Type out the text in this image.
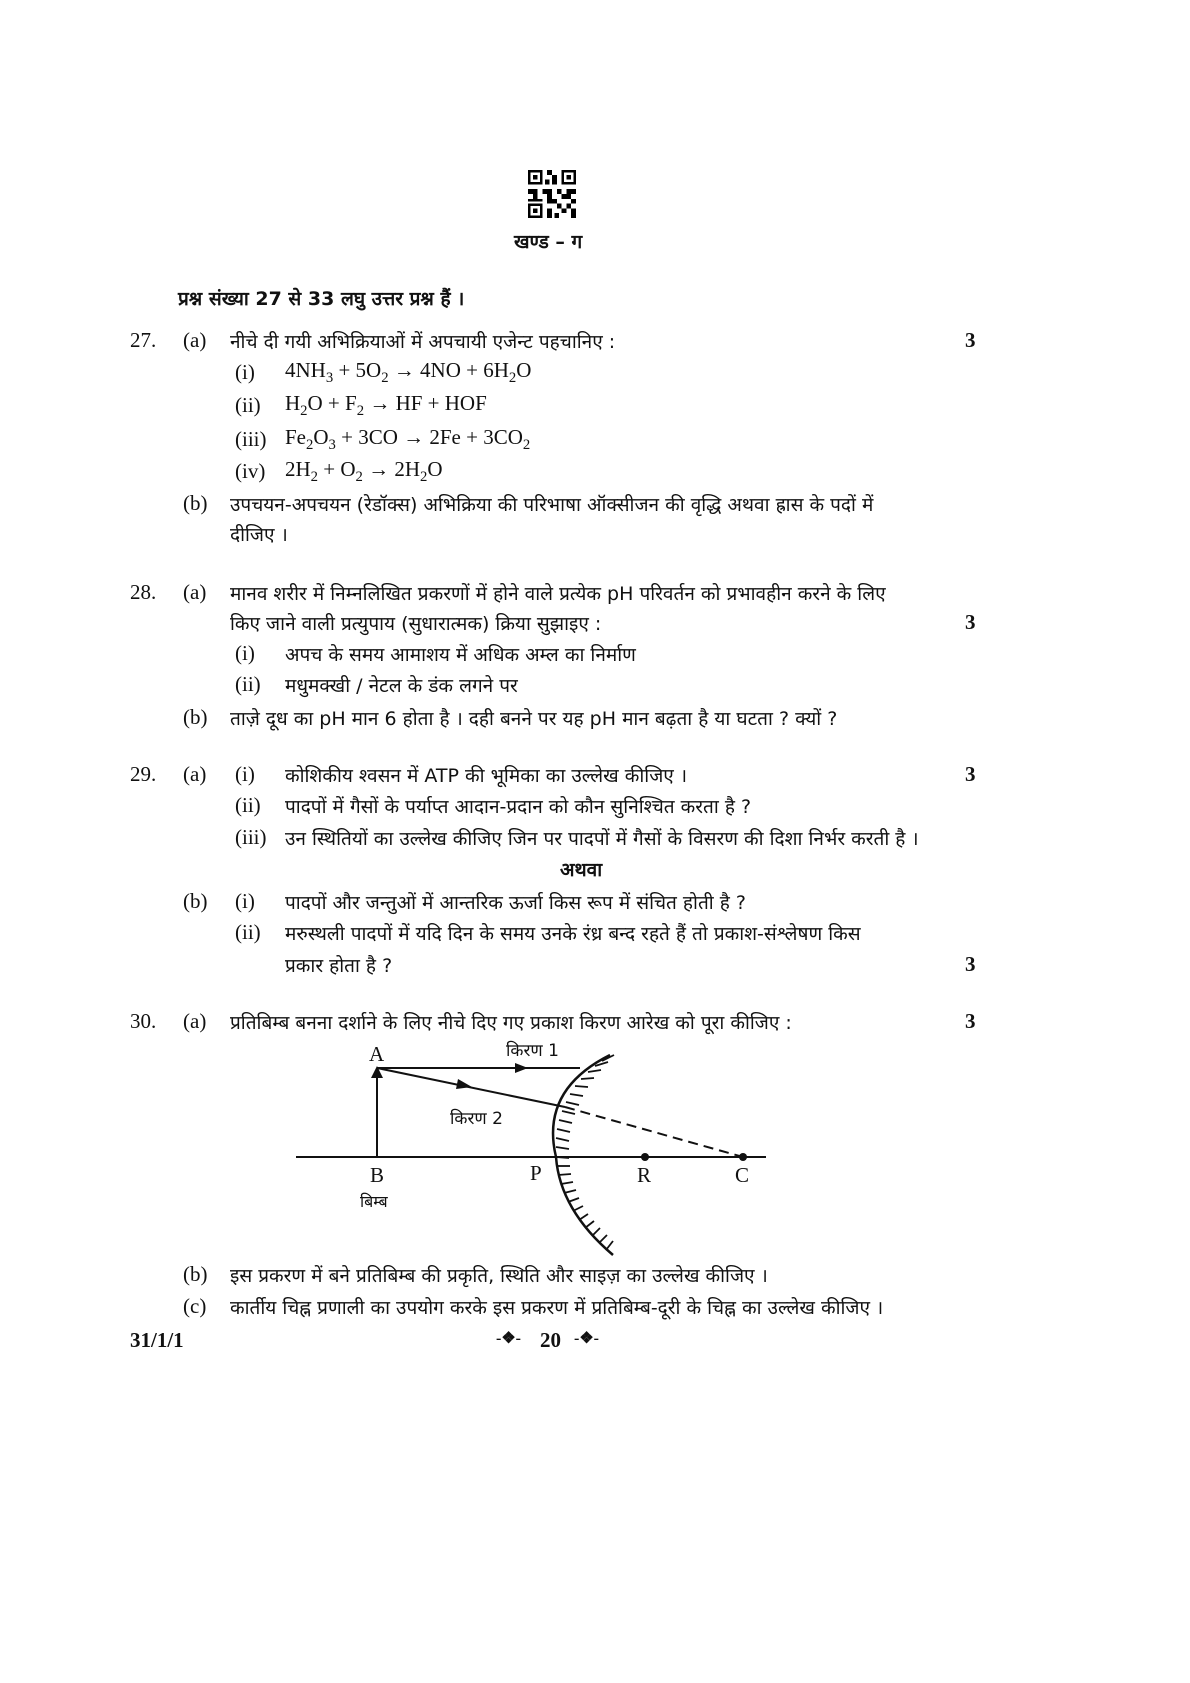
खण्ड – ग
प्रश्न संख्या 27 से 33 लघु उत्तर प्रश्न हैं ।
27. (a) नीचे दी गयी अभिक्रियाओं में अपचायी एजेन्ट पहचानिए :	3
(i) $4NH_3 + 5O_2 \to 4NO + 6H_2O$
(ii) $H_2O + F_2$ → HF + HOF
(iii) $Fe_2O_3 + 3CO \to 2Fe + 3CO_2$
(iv) $2H_2 + O_2 \to 2H_2O$
(b) उपचयन-अपचयन (रेडॉक्स) अभिक्रिया की परिभाषा ऑक्सीजन की वृद्धि अथवा ह्रास के पदों में
दीजिए ।
28. (a) मानव शरीर में निम्नलिखित प्रकरणों में होने वाले प्रत्येक pH परिवर्तन को प्रभावहीन करने के लिए
किए जाने वाली प्रत्युपाय (सुधारात्मक) क्रिया सुझाइए :	3
(i) अपच के समय आमाशय में अधिक अम्ल का निर्माण
(ii) मधुमक्खी / नेटल के डंक लगने पर
(b) ताज़े दूध का pH मान 6 होता है । दही बनने पर यह pH मान बढ़ता है या घटता ? क्यों ?
29. (a) (i) कोशिकीय श्वसन में ATP की भूमिका का उल्लेख कीजिए ।	3
(ii) पादपों में गैसों के पर्याप्त आदान-प्रदान को कौन सुनिश्चित करता है ?
(iii) उन स्थितियों का उल्लेख कीजिए जिन पर पादपों में गैसों के विसरण की दिशा निर्भर करती है ।
अथवा
(b) (i) पादपों और जन्तुओं में आन्तरिक ऊर्जा किस रूप में संचित होती है ?
(ii) मरुस्थली पादपों में यदि दिन के समय उनके रंध्र बन्द रहते हैं तो प्रकाश-संश्लेषण किस
प्रकार होता है ?	3
30. (a) प्रतिबिम्ब बनना दर्शाने के लिए नीचे दिए गए प्रकाश किरण आरेख को पूरा कीजिए :	3
A	किरण 1
किरण 2
B
बिम्ब
P	R	C
(b) इस प्रकरण में बने प्रतिबिम्ब की प्रकृति, स्थिति और साइज़ का उल्लेख कीजिए ।
(c) कार्तीय चिह्न प्रणाली का उपयोग करके इस प्रकरण में प्रतिबिम्ब-दूरी के चिह्न का उल्लेख कीजिए ।
31/1/1	-❖- 20 -❖-
